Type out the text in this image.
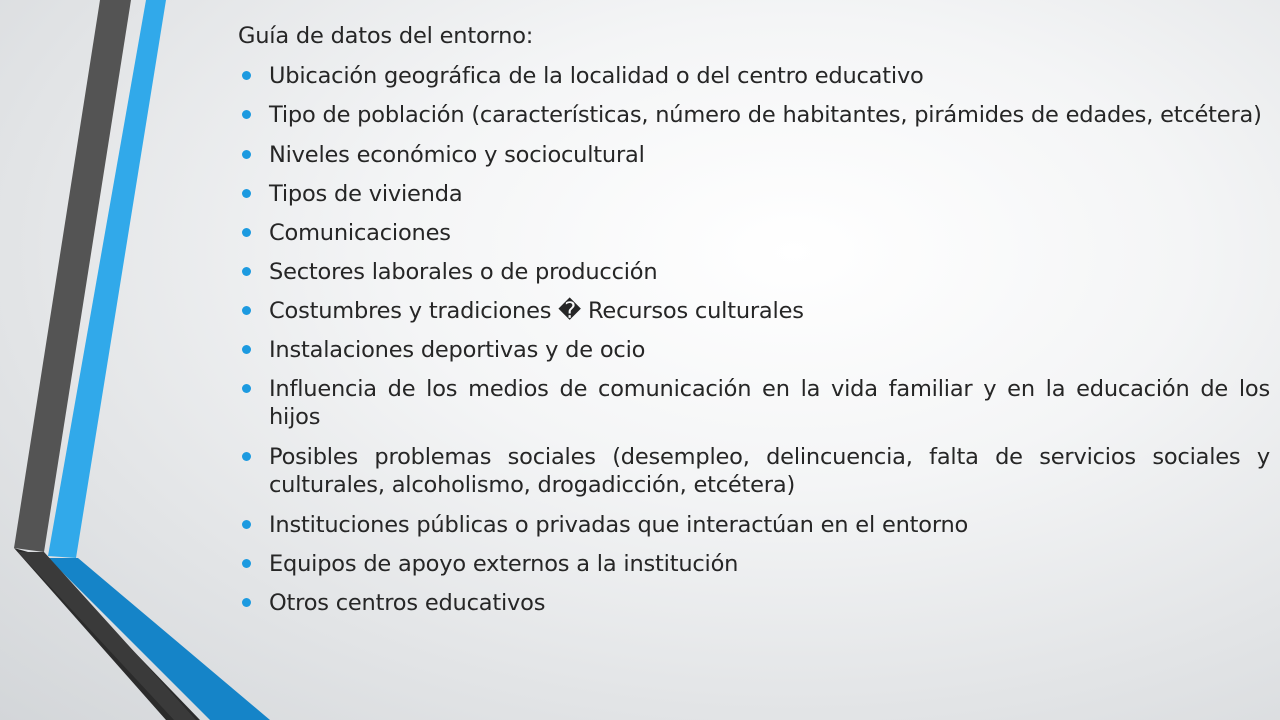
Guía de datos del entorno:
Ubicación geográfica de la localidad o del centro educativo
Tipo de población (características, número de habitantes, pirámides de edades, etcétera)
Niveles económico y sociocultural
Tipos de vivienda
Comunicaciones
Sectores laborales o de producción
Costumbres y tradiciones � Recursos culturales
Instalaciones deportivas y de ocio
Influencia de los medios de comunicación en la vida familiar y en la educación de los hijos
Posibles problemas sociales (desempleo, delincuencia, falta de servicios sociales y culturales, alcoholismo, drogadicción, etcétera)
Instituciones públicas o privadas que interactúan en el entorno
Equipos de apoyo externos a la institución
Otros centros educativos
